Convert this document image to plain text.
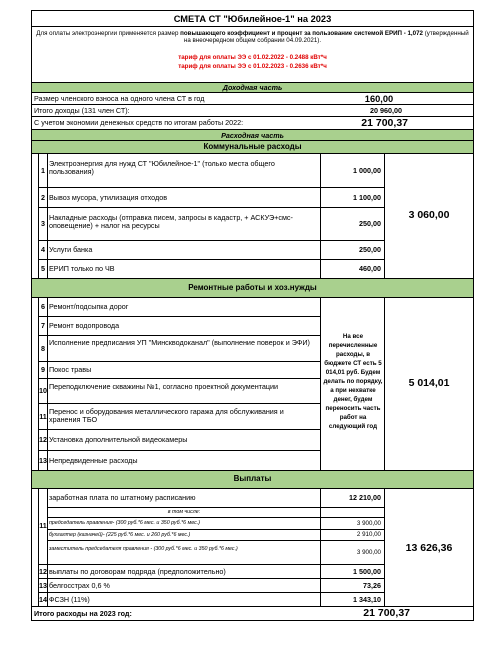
СМЕТА СТ "Юбилейное-1" на 2023
Для оплаты электроэнергии применяется размер повышающего коэффициент и процент за пользование системой ЕРИП - 1,072 (утвержденный на внеочередном общем собрании 04.09.2021).
тариф для оплаты ЭЭ с 01.02.2022 - 0.2488 кВт*ч
тариф для оплаты ЭЭ с 01.02.2023 - 0.2636 кВт*ч
Доходная часть
Размер членского взноса на одного члена СТ в год	160,00
Итого доходы (131 член СТ):	20 960,00
С учетом экономии денежных средств по итогам работы 2022:	21 700,37
Расходная часть
Коммунальные расходы
1
Электроэнергия для нужд СТ "Юбилейное-1" (только места общего пользования)	1 000,00
2 Вывоз мусора, утилизация отходов	1 100,00
3
Накладные расходы (отправка писем, запросы в кадастр, + АСКУЭ+смс-оповещение) + налог на ресурсы	250,00
4 Услуги банка	250,00
5 ЕРИП только по ЧВ	460,00
3 060,00
Ремонтные работы и хоз.нужды
6 Ремонт/подсыпка дорог
7 Ремонт водопровода
8
Исполнение предписания УП "Минскводоканал" (выполнение поверок и ЭФИ)
9 Покос травы
10 Переподключение скважины №1, согласно проектной документации
11
Перенос и оборудования металлического гаража для обслуживания и хранения ТБО
12 Установка дополнительной видеокамеры
13 Непредвиденные расходы
На все перечисленные расходы, в бюджете СТ есть 5 014,01 руб. Будем делать по порядку, а при нехватке денег, будем переносить часть работ на следующий год
5 014,01
Выплаты
11
заработная плата по штатному расписанию	12 210,00
в том числе:
председатель правления- (300 руб.*6 мес. и 350 руб.*6 мес.)	3 900,00
бухгалтер (казначей)- (225 руб.*6 мес. и 260 руб.*6 мес.)	2 910,00
заместитель председателя правления - (300 руб.*6 мес. и 350 руб.*6 мес.)	3 900,00
12 выплаты по договорам подряда (предположительно)	1 500,00
13 белгосстрах 0,6 %	73,26
14 ФСЗН (11%)	1 343,10
13 626,36
Итого расходы на 2023 год:	21 700,37
